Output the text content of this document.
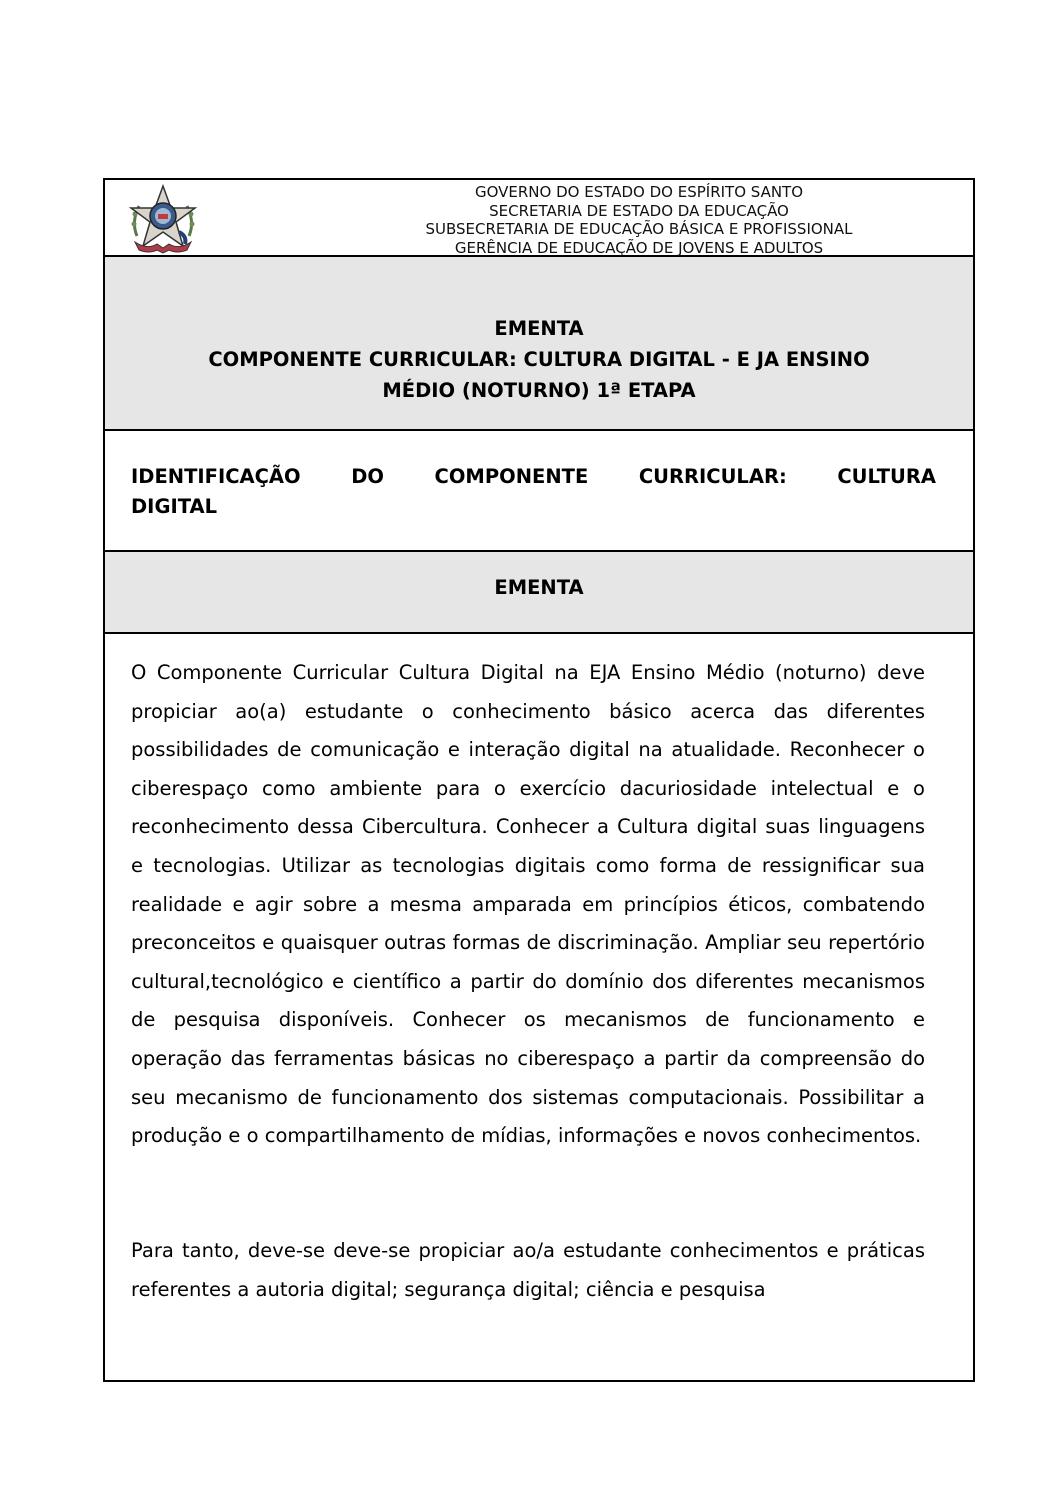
GOVERNO DO ESTADO DO ESPÍRITO SANTO
SECRETARIA DE ESTADO DA EDUCAÇÃO
SUBSECRETARIA DE EDUCAÇÃO BÁSICA E PROFISSIONAL
GERÊNCIA DE EDUCAÇÃO DE JOVENS E ADULTOS
EMENTA
COMPONENTE CURRICULAR: CULTURA DIGITAL - E JA ENSINO
MÉDIO (NOTURNO) 1ª ETAPA
IDENTIFICAÇÃO	DO	COMPONENTE	CURRICULAR:	CULTURA
DIGITAL
EMENTA

O Componente Curricular Cultura Digital na EJA Ensino Médio (noturno) deve propiciar ao(a) estudante o conhecimento básico acerca das diferentes possibilidades de comunicação e interação digital na atualidade. Reconhecer o ciberespaço como ambiente para o exercício dacuriosidade intelectual e o reconhecimento dessa Cibercultura. Conhecer a Cultura digital suas linguagens e tecnologias. Utilizar as tecnologias digitais como forma de ressignificar sua realidade e agir sobre a mesma amparada em princípios éticos, combatendo preconceitos e quaisquer outras formas de discriminação. Ampliar seu repertório cultural,tecnológico e científico a partir do domínio dos diferentes mecanismos de pesquisa disponíveis. Conhecer os mecanismos de funcionamento e operação das ferramentas básicas no ciberespaço a partir da compreensão do seu mecanismo de funcionamento dos sistemas computacionais. Possibilitar a produção e o compartilhamento de mídias, informações e novos conhecimentos.

Para tanto, deve-se deve-se propiciar ao/a estudante conhecimentos e práticas referentes a autoria digital; segurança digital; ciência e pesquisa
